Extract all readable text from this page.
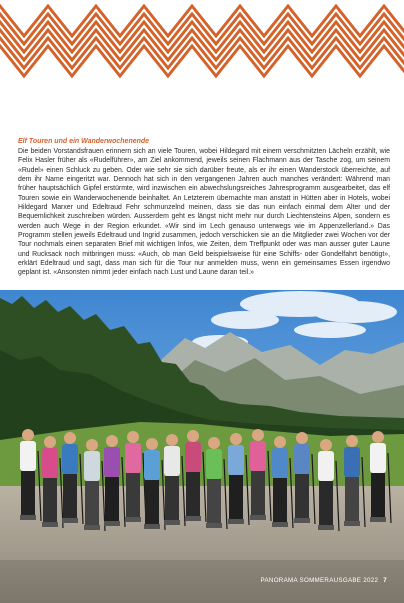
Elf Touren und ein Wanderwochenende

Die beiden Vorstandsfrauen erinnern sich an viele Touren, wobei Hildegard mit einem verschmitzten Lächeln erzählt, wie Felix Hasler früher als «Rudelführer», am Ziel ankommend, jeweils seinen Flachmann aus der Tasche zog, um seinem «Rudel» einen Schluck zu geben. Oder wie sehr sie sich darüber freute, als er ihr einen Wanderstock überreichte, auf dem ihr Name eingeritzt war. Dennoch hat sich in den vergangenen Jahren auch manches verändert: Während man früher hauptsächlich Gipfel erstürmte, wird inzwischen ein abwechslungsreiches Jahresprogramm ausgearbeitet, das elf Touren sowie ein Wanderwochenende beinhaltet. An Letzterem übernachte man anstatt in Hütten aber in Hotels, wobei Hildegard Marxer und Edeltraud Fehr schmunzelnd meinen, dass sie das nun einfach einmal dem Alter und der Bequemlichkeit zuschreiben würden. Ausserdem geht es längst nicht mehr nur durch Liechtensteins Alpen, sondern es werden auch Wege in der Region erkundet. «Wir sind im Lech genauso unterwegs wie im Appenzellerland.» Das Programm stellen jeweils Edeltraud und Ingrid zusammen, jedoch verschicken sie an die Mitglieder zwei Wochen vor der Tour nochmals einen separaten Brief mit wichtigen Infos, wie Zeiten, dem Treffpunkt oder was man ausser guter Laune und Rucksack noch mitbringen muss: «Auch, ob man Geld beispielsweise für eine Schiffs- oder Gondelfahrt benötigt», erklärt Edeltraud und sagt, dass man sich für die Tour nur anmelden muss, wenn ein gemeinsames Essen irgendwo geplant ist. «Ansonsten nimmt jeder einfach nach Lust und Laune daran teil.»

PANORAMA SOMMERAUSGABE 2022 7
